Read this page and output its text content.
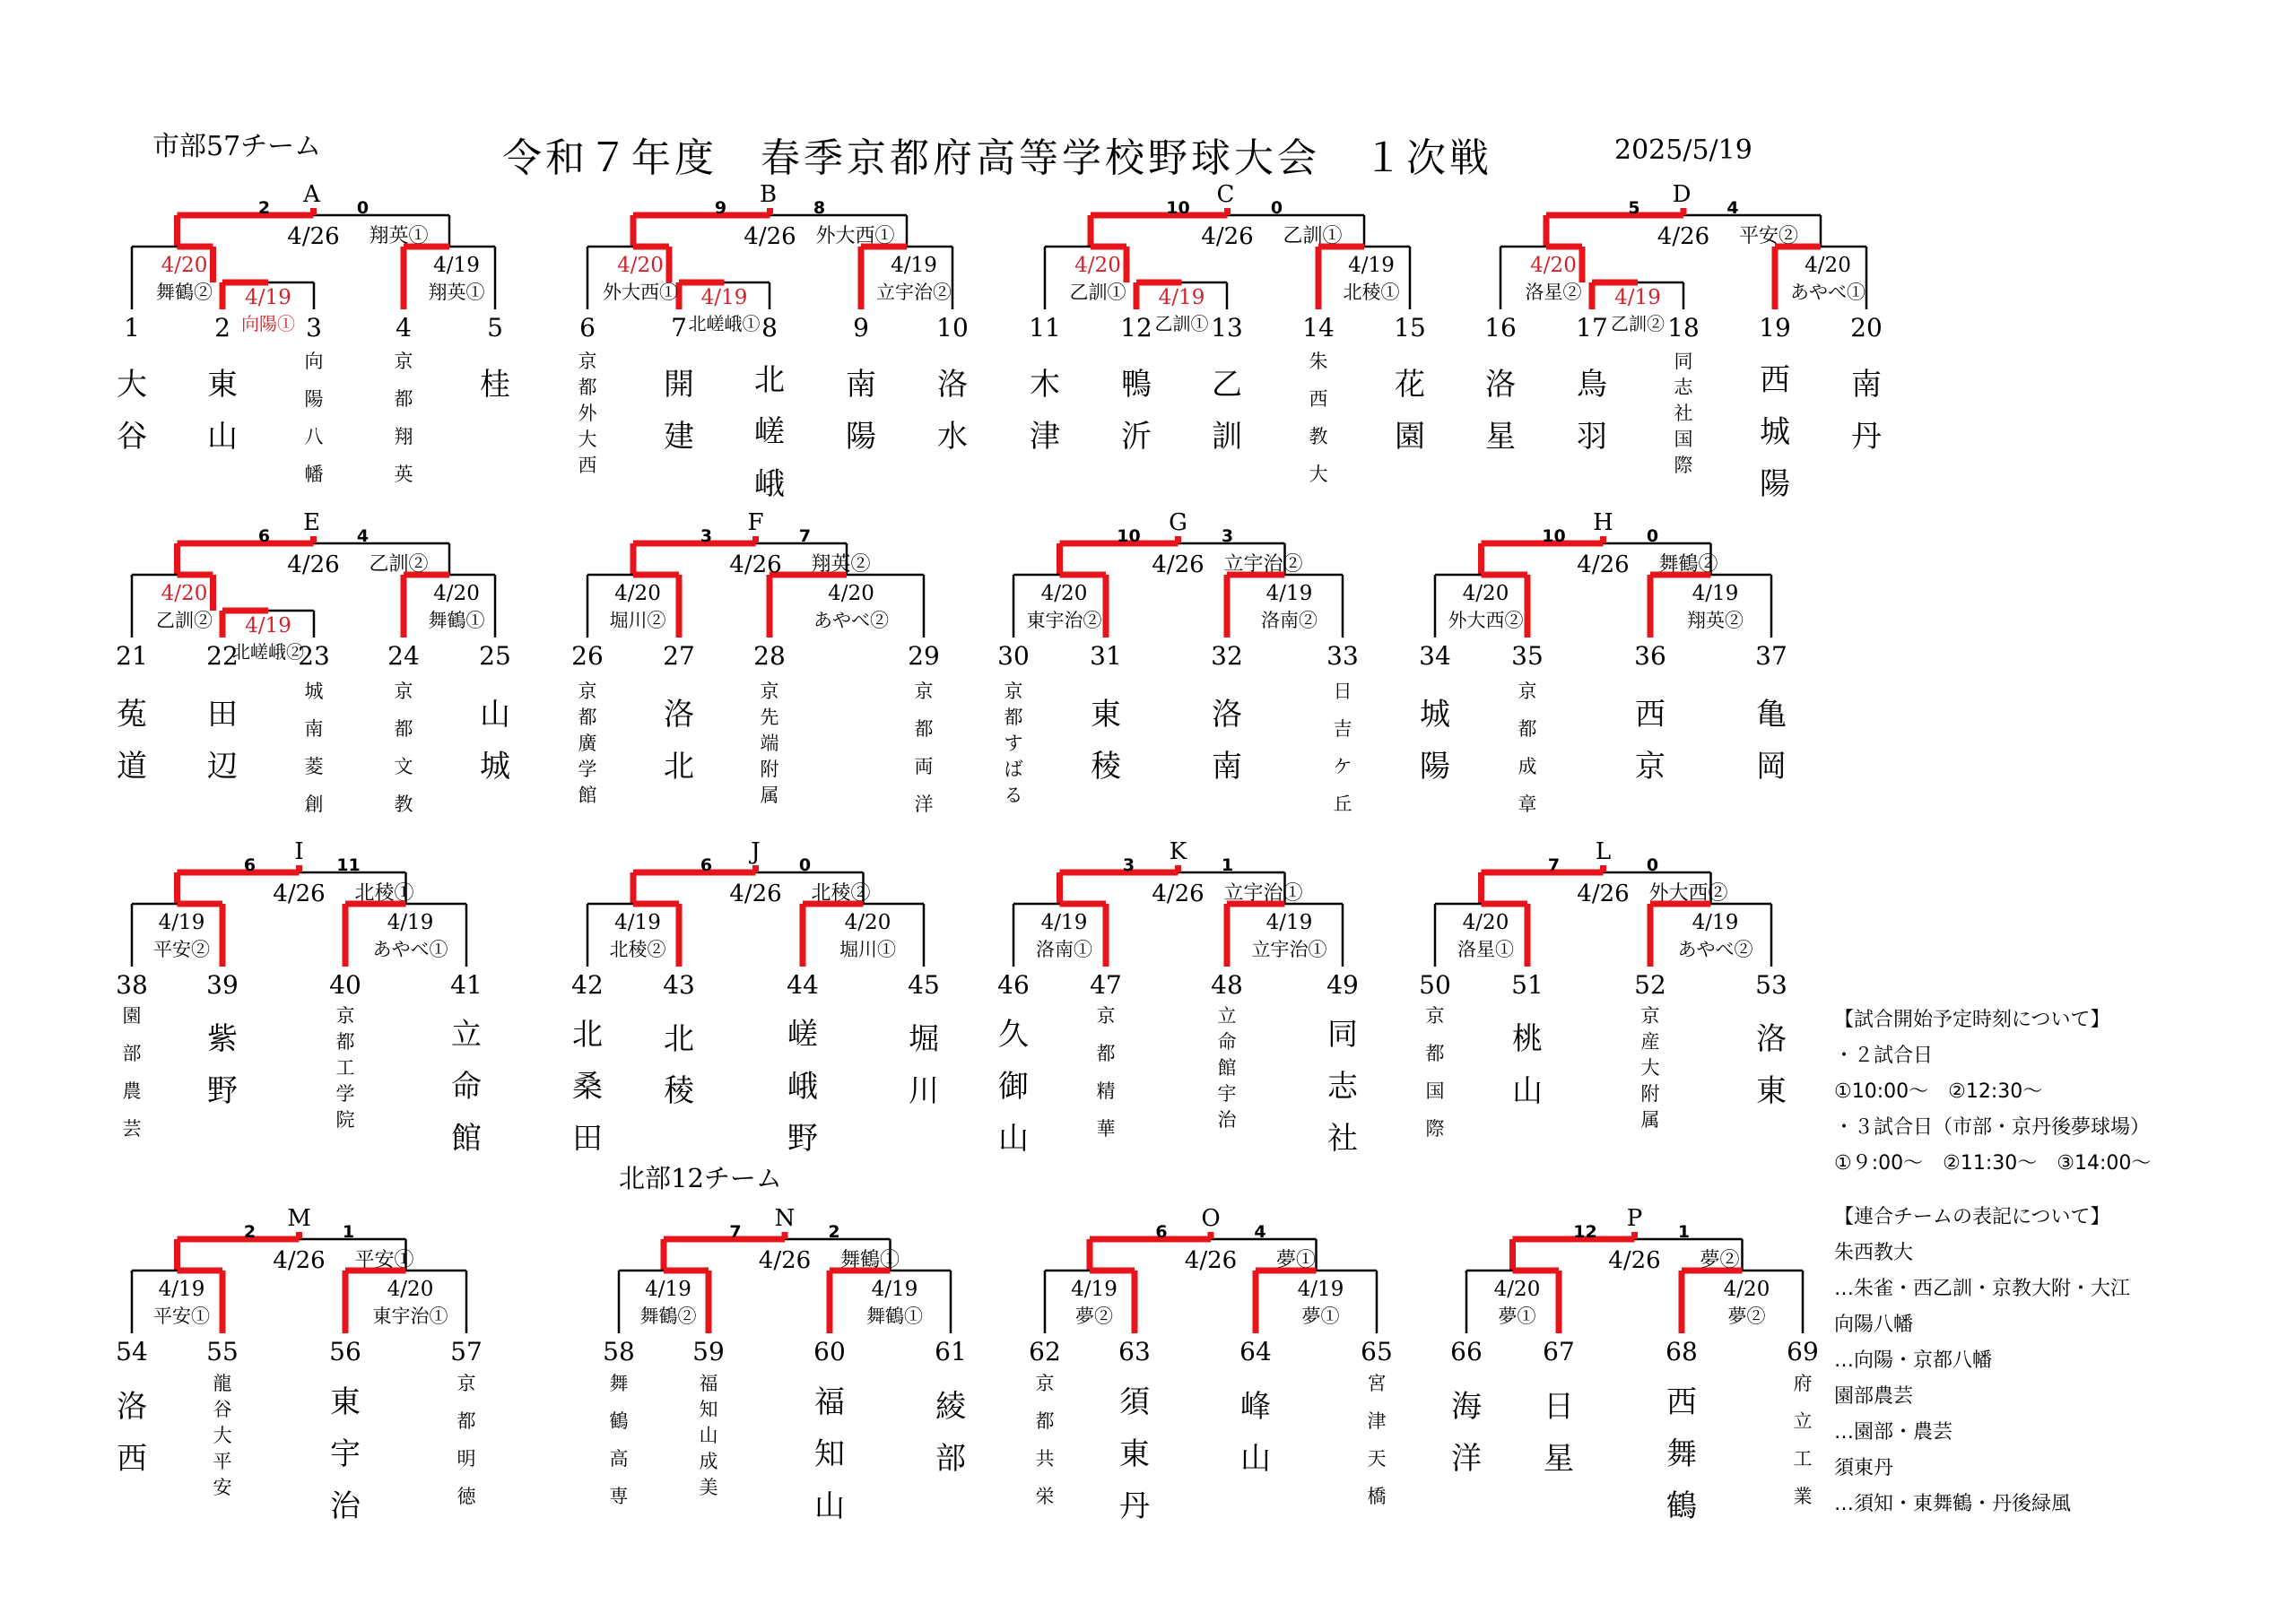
市部57チーム	令和７年度　春季京都府高等学校野球大会　１次戦	2025/5/19
北部12チーム
A
2	0
4/26 翔英①
4/20
舞鶴② 4/19
向陽①
4/19
翔英①
B
9	8
4/26 外大西①
4/20
外大西① 4/19
北嵯峨①
4/19
立宇治②
C
10	0
4/26 乙訓①
4/20
乙訓① 4/19
乙訓①
4/19
北稜①
D
5	4
4/26 平安②
4/20
洛星② 4/19
乙訓②
4/20
あやべ①
E
6	4
4/26 乙訓②
4/20
乙訓② 4/19
北嵯峨②
4/20
舞鶴①
F
3	7
4/26 翔英②
4/20
堀川②
4/20
あやべ②
G
10	3
4/26 立宇治②
4/20
東宇治②
4/19
洛南②
H
10	0
4/26 舞鶴②
4/20
外大西②
4/19
翔英②
I
6	11
4/26 北稜①
4/19
平安②
4/19
あやべ①
J
6	0
4/26 北稜②
4/19
北稜②
4/20
堀川①
K
3	1
4/26 立宇治①
4/19
洛南①
4/19
立宇治①
L
7	0
4/26 外大西②
4/20
洛星①
4/19
あやべ②
M
2	1
4/26 平安①
4/19
平安①
4/20
東宇治①
N
7	2
4/26 舞鶴①
4/19
舞鶴②
4/19
舞鶴①
O
6	4
4/26 夢①
4/19
夢②
4/19
夢①
P
12	1
4/26 夢②
4/20
夢①
4/20
夢②
1
大
谷
2
東
山
3
向
陽
八
幡
4
京
都
翔
英
5
桂
6
京
都
外
大
西
7
開
建
8
北
嵯
峨
9
南
陽
10
洛
水
11
木
津
12
鴨
沂
13
乙
訓
14
朱
西
教
大
15
花
園
16
洛
星
17
鳥
羽
18
同
志
社
国
際
19
西
城
陽
20
南
丹
21
菟
道
22
田
辺
23
城
南
菱
創
24
京
都
文
教
25
山
城
26
京
都
廣
学
館
27
洛
北
28
京
先
端
附
属
29
京
都
両
洋
30
京
都
す
ば
る
31
東
稜
32
洛
南
33
日
吉
ケ
丘
34
城
陽
35
京
都
成
章
36
西
京
37
亀
岡
38
園
部
農
芸
39
紫
野
40
京
都
工
学
院
41
立
命
館
42
北
桑
田
43
北
稜
44
嵯
峨
野
45
堀
川
46
久
御
山
47
京
都
精
華
48
立
命
館
宇
治
49
同
志
社
50
京
都
国
際
51
桃
山
52
京
産
大
附
属
53
洛
東
54
洛
西
55
龍
谷
大
平
安
56
東
宇
治
57
京
都
明
徳
58
舞
鶴
高
専
59
福
知
山
成
美
60
福
知
山
61
綾
部
62
京
都
共
栄
63
須
東
丹
64
峰
山
65
宮
津
天
橋
66
海
洋
67
日
星
68
西
舞
鶴
69
府
立
工
業
【試合開始予定時刻について】
・２試合日
①10:00～　②12:30～
・３試合日（市部・京丹後夢球場）
①９:00～　②11:30～　③14:00～
【連合チームの表記について】
朱西教大
…朱雀・西乙訓・京教大附・大江
向陽八幡
…向陽・京都八幡
園部農芸
…園部・農芸
須東丹
…須知・東舞鶴・丹後緑風
